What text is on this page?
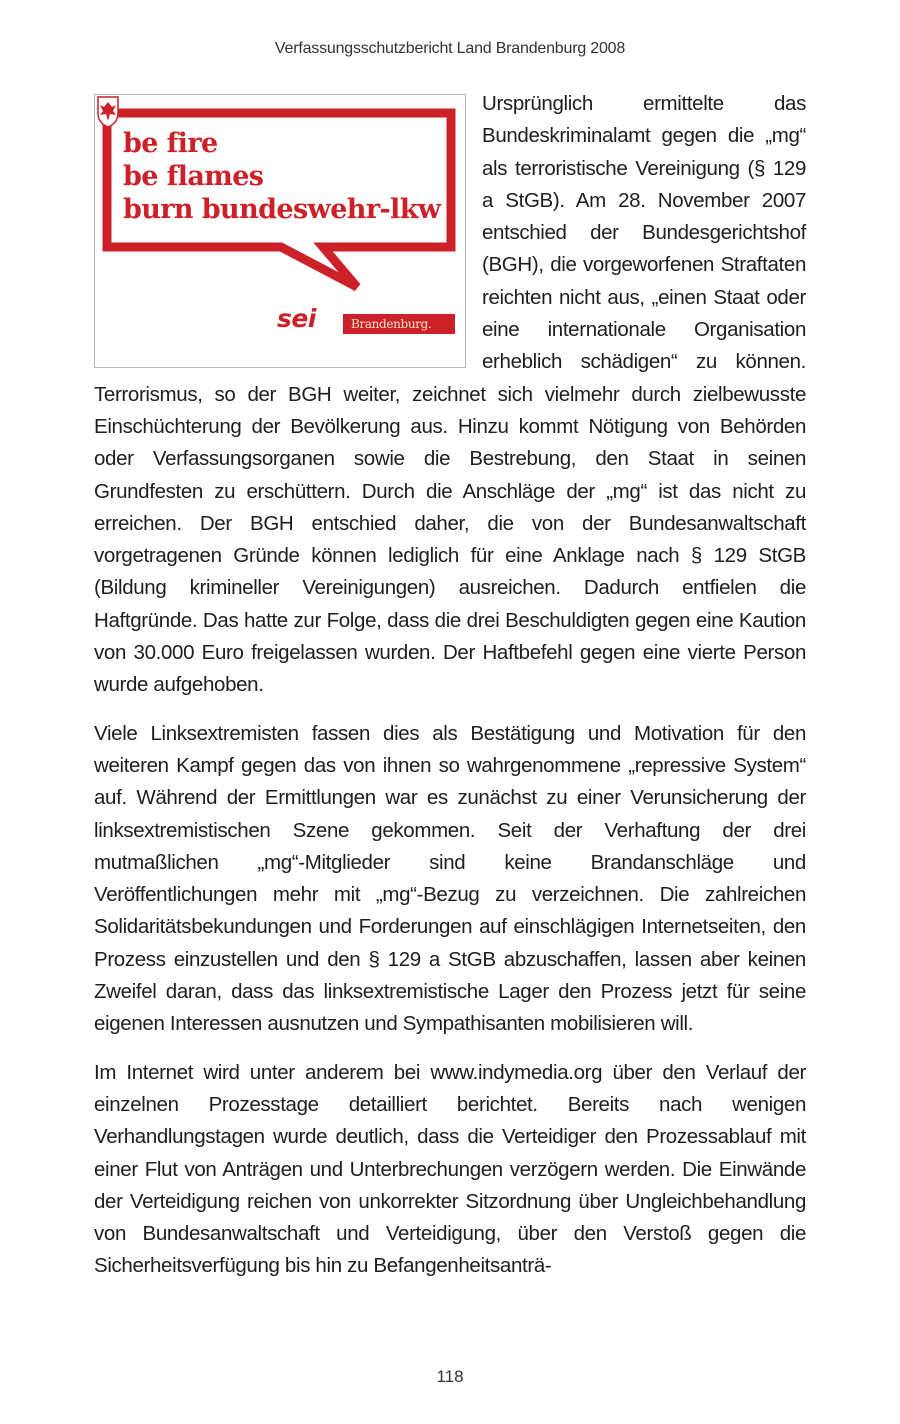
Verfassungsschutzbericht Land Brandenburg 2008
be fire
be flames
burn bundeswehr-lkw
sei	Brandenburg.

Ursprünglich ermittelte das Bundeskriminalamt gegen die „mg“ als terroristische Vereinigung (§ 129 a StGB). Am 28. November 2007 entschied der Bundesgerichtshof (BGH), die vorgeworfenen Straftaten reichten nicht aus, „einen Staat oder eine internationale Organisation erheblich schädigen“ zu können. Terrorismus, so der BGH weiter, zeichnet sich vielmehr durch zielbewusste Einschüchterung der Bevölkerung aus. Hinzu kommt Nötigung von Behörden oder Verfassungsorganen sowie die Bestrebung, den Staat in seinen Grundfesten zu erschüttern. Durch die Anschläge der „mg“ ist das nicht zu erreichen. Der BGH entschied daher, die von der Bundesanwaltschaft vorgetragenen Gründe können lediglich für eine Anklage nach § 129 StGB (Bildung krimineller Vereinigungen) ausreichen. Dadurch entfielen die Haftgründe. Das hatte zur Folge, dass die drei Beschuldigten gegen eine Kaution von 30.000 Euro freigelassen wurden. Der Haftbefehl gegen eine vierte Person wurde aufgehoben.

Viele Linksextremisten fassen dies als Bestätigung und Motivation für den weiteren Kampf gegen das von ihnen so wahrgenommene „repressive System“ auf. Während der Ermittlungen war es zunächst zu einer Verunsicherung der linksextremistischen Szene gekommen. Seit der Verhaftung der drei mutmaßlichen „mg“-Mitglieder sind keine Brandanschläge und Veröffentlichungen mehr mit „mg“-Bezug zu verzeichnen. Die zahlreichen Solidaritätsbekundungen und Forderungen auf einschlägigen Internetseiten, den Prozess einzustellen und den § 129 a StGB abzuschaffen, lassen aber keinen Zweifel daran, dass das linksextremistische Lager den Prozess jetzt für seine eigenen Interessen ausnutzen und Sympathisanten mobilisieren will.

Im Internet wird unter anderem bei www.indymedia.org über den Verlauf der einzelnen Prozesstage detailliert berichtet. Bereits nach wenigen Verhandlungstagen wurde deutlich, dass die Verteidiger den Prozessablauf mit einer Flut von Anträgen und Unterbrechungen verzögern werden. Die Einwände der Verteidigung reichen von unkorrekter Sitzordnung über Ungleichbehandlung von Bundesanwaltschaft und Verteidigung, über den Verstoß gegen die Sicherheitsverfügung bis hin zu Befangenheitsanträ-

118
